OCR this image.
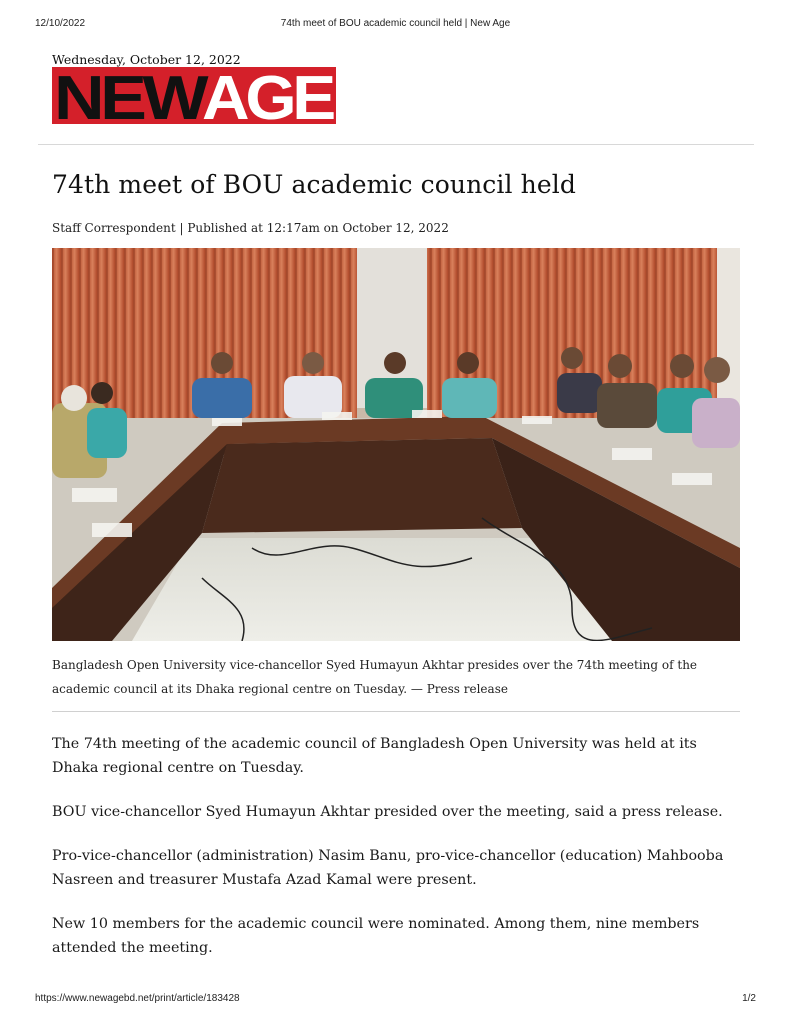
12/10/2022	74th meet of BOU academic council held | New Age
Wednesday, October 12, 2022
NEW
AGE
74th meet of BOU academic council held
Staff Correspondent | Published at 12:17am on October 12, 2022
Bangladesh Open University vice-chancellor Syed Humayun Akhtar presides over the 74th meeting of the academic council at its Dhaka regional centre on Tuesday. — Press release

The 74th meeting of the academic council of Bangladesh Open University was held at its Dhaka regional centre on Tuesday.

BOU vice-chancellor Syed Humayun Akhtar presided over the meeting, said a press release.

Pro-vice-chancellor (administration) Nasim Banu, pro-vice-chancellor (education) Mahbooba Nasreen and treasurer Mustafa Azad Kamal were present.

New 10 members for the academic council were nominated. Among them, nine members attended the meeting.

https://www.newagebd.net/print/article/183428	1/2
